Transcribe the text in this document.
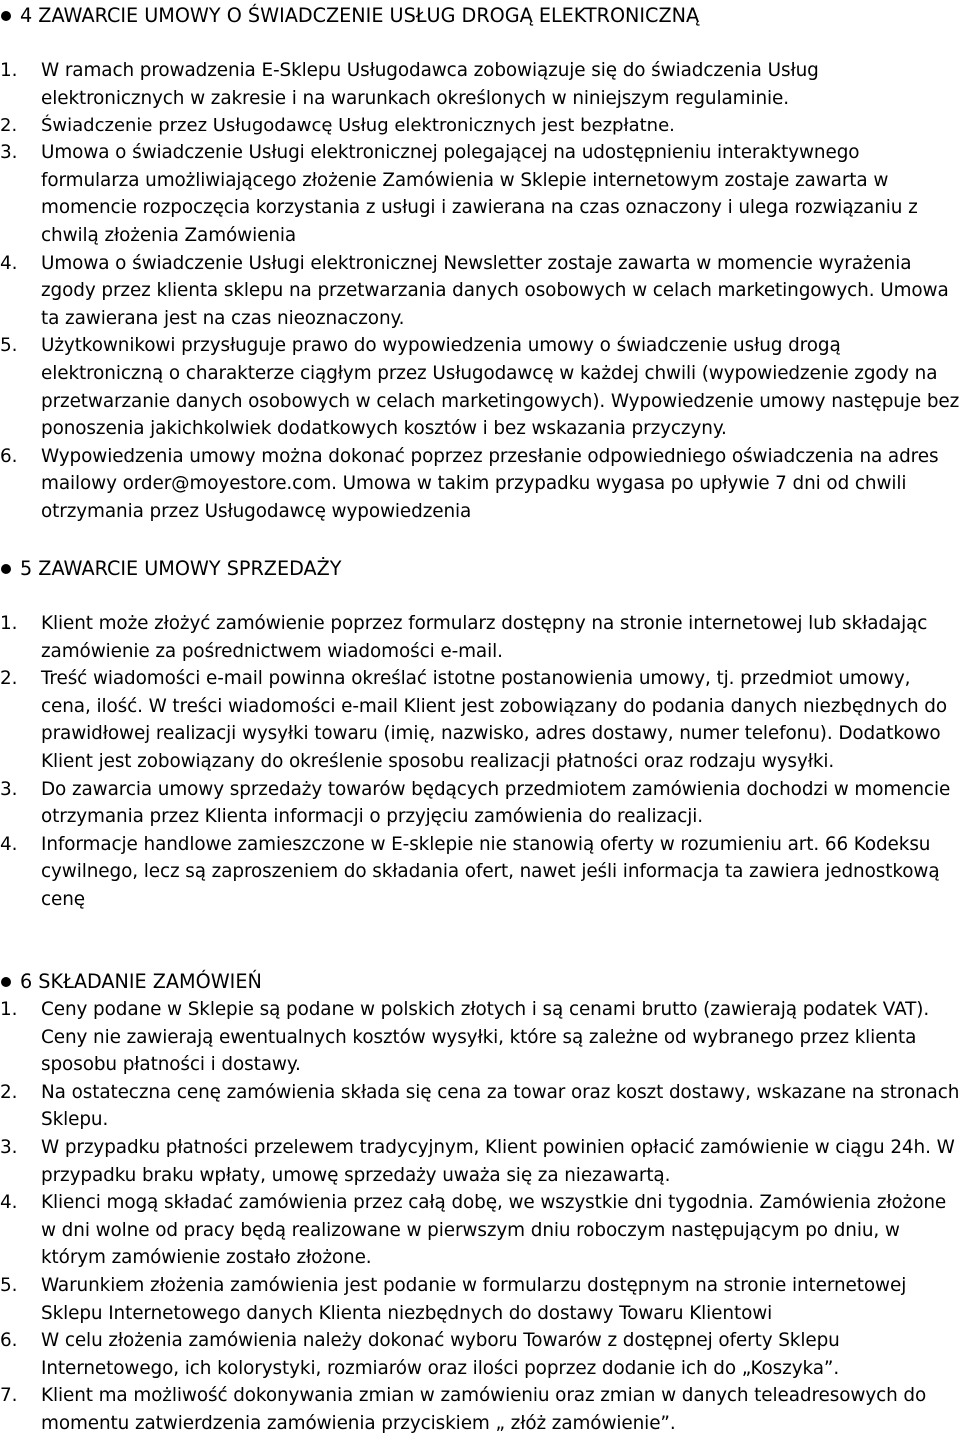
4 ZAWARCIE UMOWY O ŚWIADCZENIE USŁUG DROGĄ ELEKTRONICZNĄ
1. W ramach prowadzenia E-Sklepu Usługodawca zobowiązuje się do świadczenia Usług elektronicznych w zakresie i na warunkach określonych w niniejszym regulaminie.
2. Świadczenie przez Usługodawcę Usług elektronicznych jest bezpłatne.
3. Umowa o świadczenie Usługi elektronicznej polegającej na udostępnieniu interaktywnego formularza umożliwiającego złożenie Zamówienia w Sklepie internetowym zostaje zawarta w momencie rozpoczęcia korzystania z usługi i zawierana na czas oznaczony i ulega rozwiązaniu z chwilą złożenia Zamówienia
4. Umowa o świadczenie Usługi elektronicznej Newsletter zostaje zawarta w momencie wyrażenia zgody przez klienta sklepu na przetwarzania danych osobowych w celach marketingowych. Umowa ta zawierana jest na czas nieoznaczony.
5. Użytkownikowi przysługuje prawo do wypowiedzenia umowy o świadczenie usług drogą elektroniczną o charakterze ciągłym przez Usługodawcę w każdej chwili (wypowiedzenie zgody na przetwarzanie danych osobowych w celach marketingowych). Wypowiedzenie umowy następuje bez ponoszenia jakichkolwiek dodatkowych kosztów i bez wskazania przyczyny.
6. Wypowiedzenia umowy można dokonać poprzez przesłanie odpowiedniego oświadczenia na adres mailowy order@moyestore.com. Umowa w takim przypadku wygasa po upływie 7 dni od chwili otrzymania przez Usługodawcę wypowiedzenia
5 ZAWARCIE UMOWY SPRZEDAŻY
1. Klient może złożyć zamówienie poprzez formularz dostępny na stronie internetowej lub składając zamówienie za pośrednictwem wiadomości e-mail.
2. Treść wiadomości e-mail powinna określać istotne postanowienia umowy, tj. przedmiot umowy, cena, ilość. W treści wiadomości e-mail Klient jest zobowiązany do podania danych niezbędnych do prawidłowej realizacji wysyłki towaru (imię, nazwisko, adres dostawy, numer telefonu). Dodatkowo Klient jest zobowiązany do określenie sposobu realizacji płatności oraz rodzaju wysyłki.
3. Do zawarcia umowy sprzedaży towarów będących przedmiotem zamówienia dochodzi w momencie otrzymania przez Klienta informacji o przyjęciu zamówienia do realizacji.
4. Informacje handlowe zamieszczone w E-sklepie nie stanowią oferty w rozumieniu art. 66 Kodeksu cywilnego, lecz są zaproszeniem do składania ofert, nawet jeśli informacja ta zawiera jednostkową cenę
6 SKŁADANIE ZAMÓWIEŃ
1. Ceny podane w Sklepie są podane w polskich złotych i są cenami brutto (zawierają podatek VAT). Ceny nie zawierają ewentualnych kosztów wysyłki, które są zależne od wybranego przez klienta sposobu płatności i dostawy.
2. Na ostateczna cenę zamówienia składa się cena za towar oraz koszt dostawy, wskazane na stronach Sklepu.
3. W przypadku płatności przelewem tradycyjnym, Klient powinien opłacić zamówienie w ciągu 24h. W przypadku braku wpłaty, umowę sprzedaży uważa się za niezawartą.
4. Klienci mogą składać zamówienia przez całą dobę, we wszystkie dni tygodnia. Zamówienia złożone w dni wolne od pracy będą realizowane w pierwszym dniu roboczym następującym po dniu, w którym zamówienie zostało złożone.
5. Warunkiem złożenia zamówienia jest podanie w formularzu dostępnym na stronie internetowej Sklepu Internetowego danych Klienta niezbędnych do dostawy Towaru Klientowi
6. W celu złożenia zamówienia należy dokonać wyboru Towarów z dostępnej oferty Sklepu Internetowego, ich kolorystyki, rozmiarów oraz ilości poprzez dodanie ich do „Koszyka”.
7. Klient ma możliwość dokonywania zmian w zamówieniu oraz zmian w danych teleadresowych do momentu zatwierdzenia zamówienia przyciskiem „ złóż zamówienie”.
